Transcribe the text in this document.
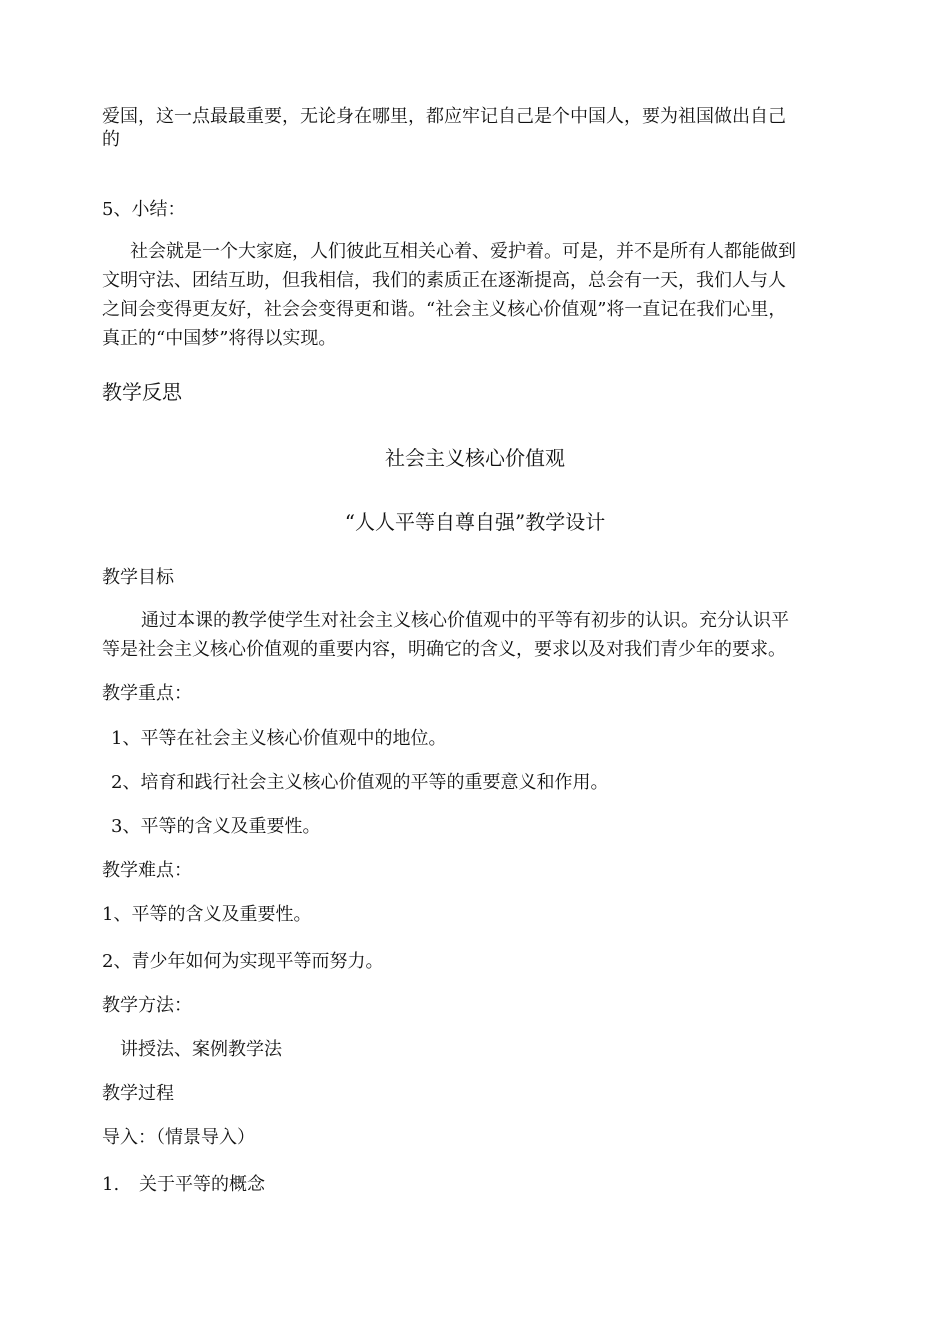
爱国，这一点最最重要，无论身在哪里，都应牢记自己是个中国人，要为祖国做出自己

的

5、小结：

社会就是一个大家庭，人们彼此互相关心着、爱护着。可是，并不是所有人都能做到

文明守法、团结互助，但我相信，我们的素质正在逐渐提高，总会有一天，我们人与人

之间会变得更友好，社会会变得更和谐。“社会主义核心价值观”将一直记在我们心里，

真正的“中国梦”将得以实现。

教学反思

社会主义核心价值观

“人人平等自尊自强”教学设计

教学目标

通过本课的教学使学生对社会主义核心价值观中的平等有初步的认识。充分认识平

等是社会主义核心价值观的重要内容，明确它的含义，要求以及对我们青少年的要求。

教学重点：

1、平等在社会主义核心价值观中的地位。

2、培育和践行社会主义核心价值观的平等的重要意义和作用。

3、平等的含义及重要性。

教学难点：

1、平等的含义及重要性。

2、青少年如何为实现平等而努力。

教学方法：

讲授法、案例教学法

教学过程

导入：（情景导入）

1. 关于平等的概念
